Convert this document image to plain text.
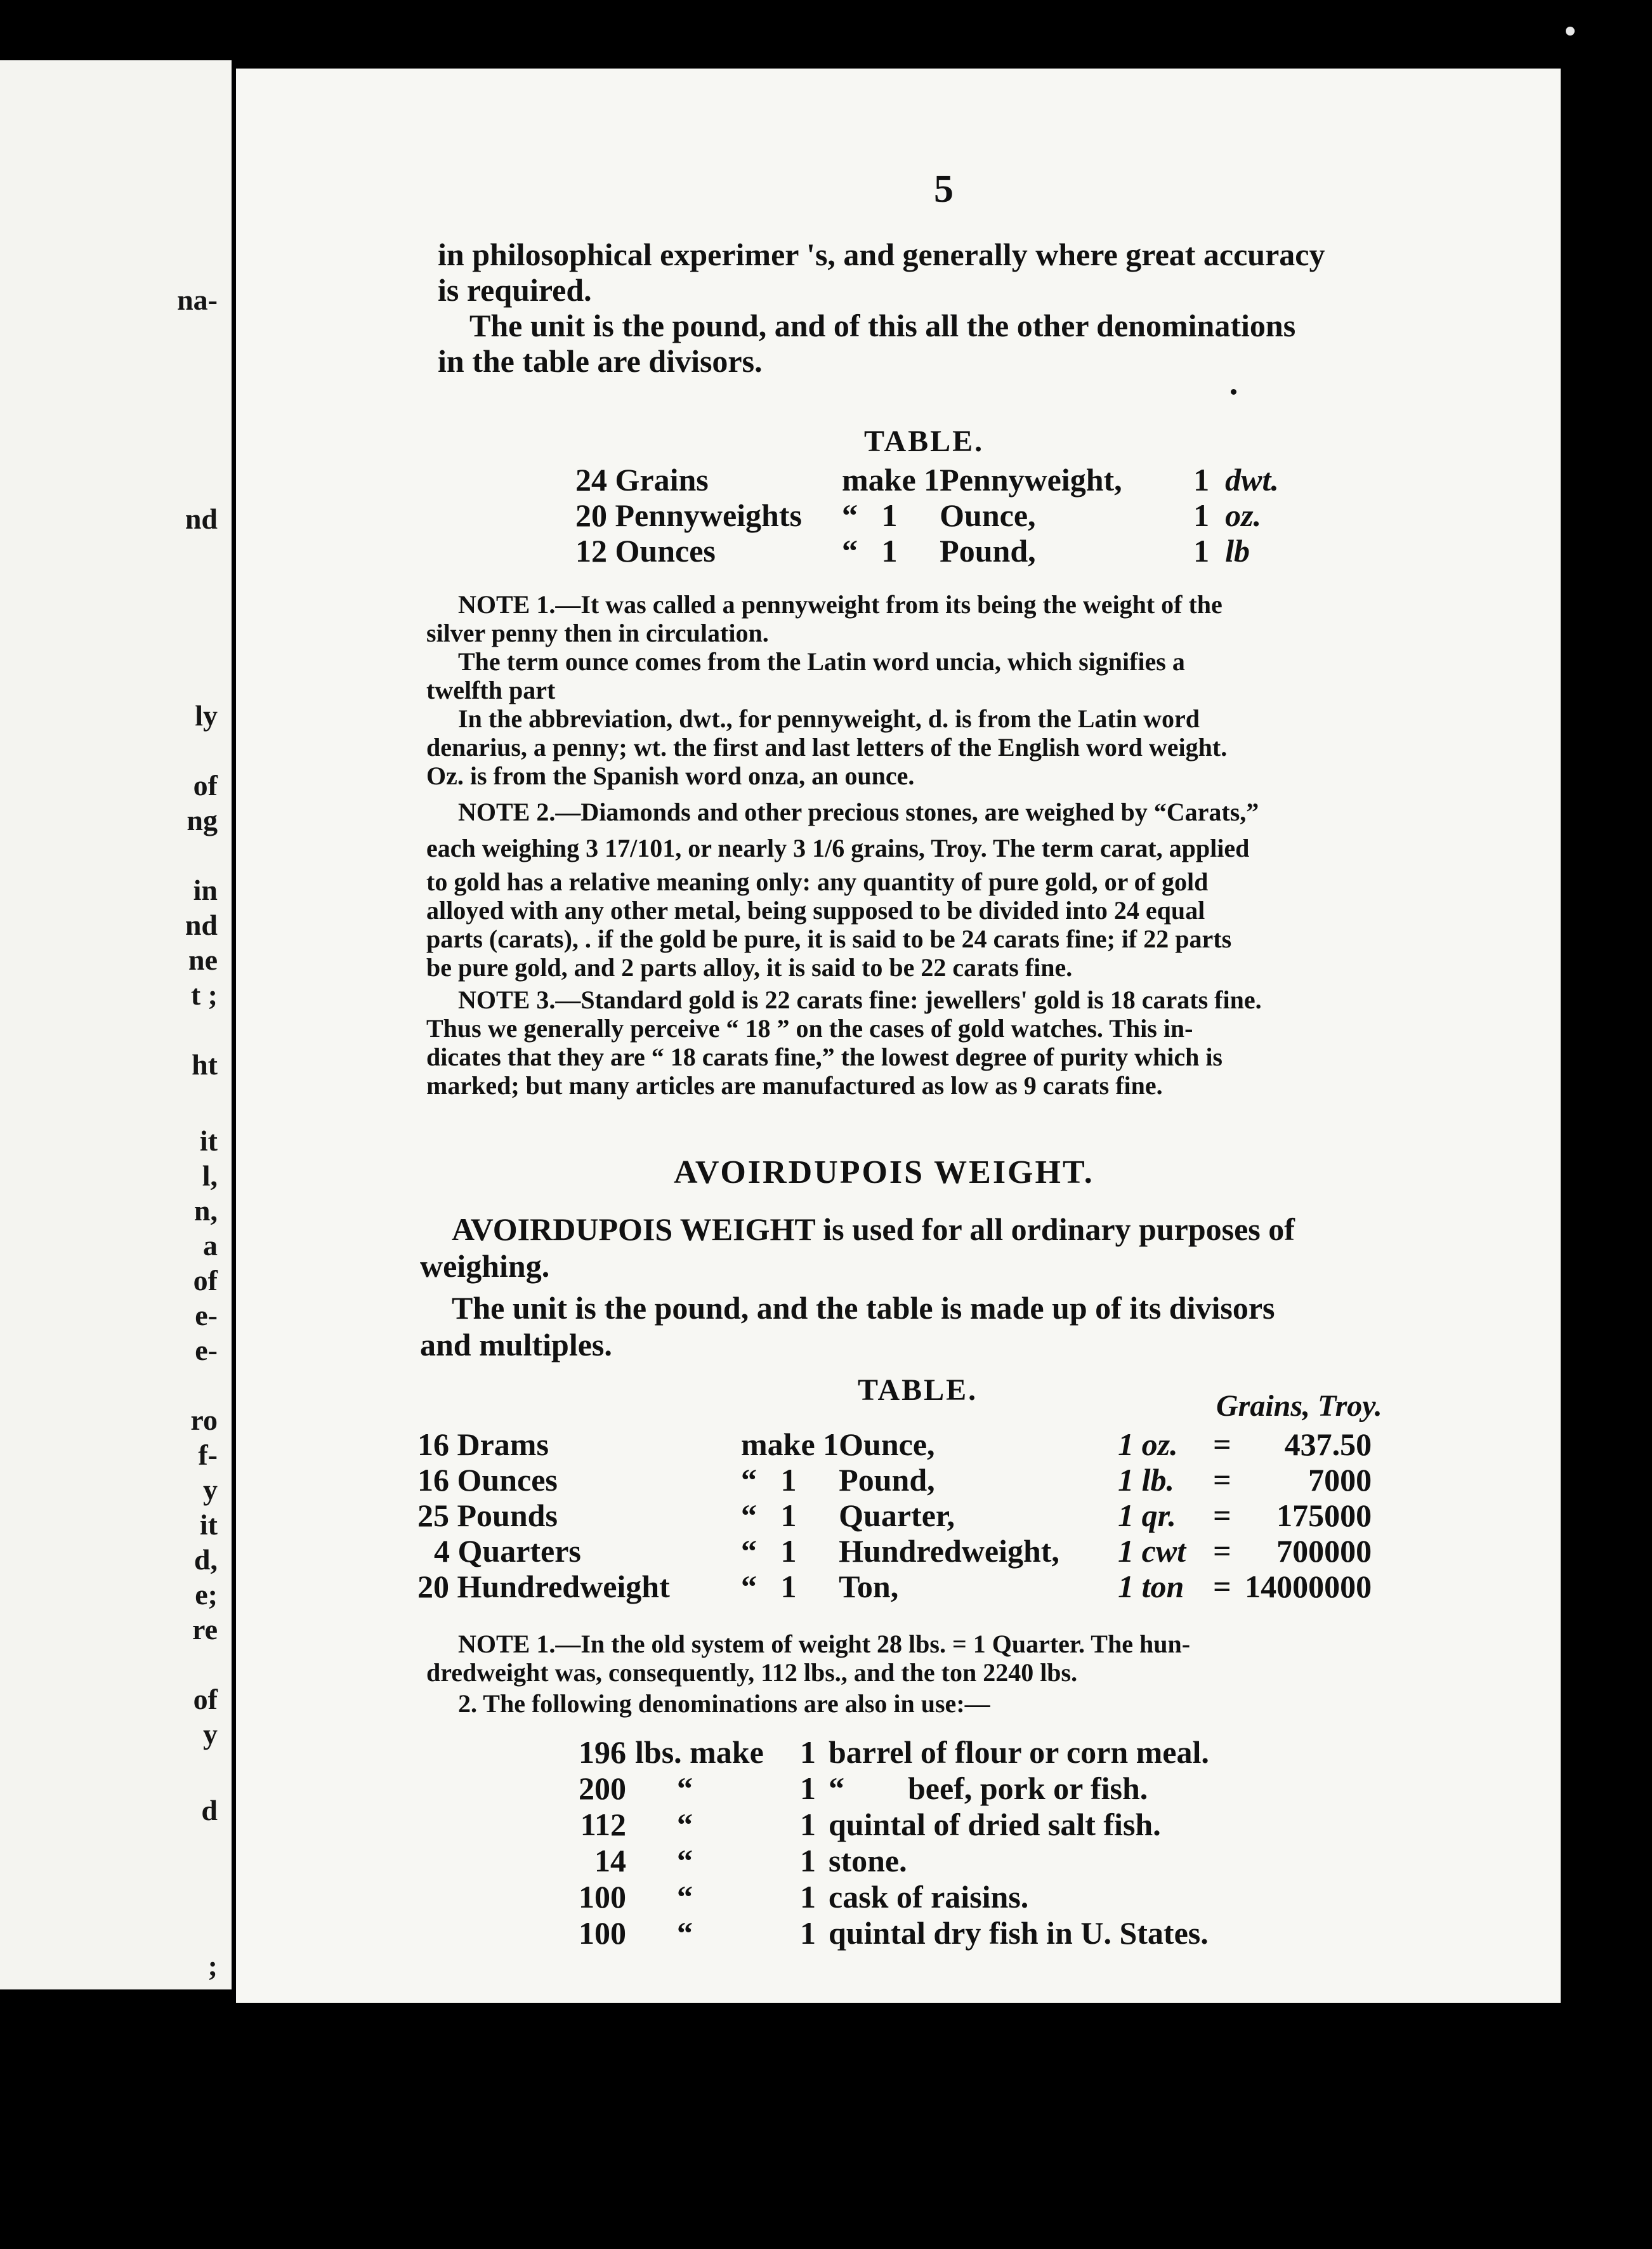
na-
nd
ly
of
ng
in
nd
ne
t ;
ht
it
l,
n,
a
of
e-
e-
ro
f-
y
it
d,
e;
re
of
y
d
;
5
in philosophical experimer 's, and generally where great accuracy
is required.
The unit is the pound, and of this all the other denominations
in the table are divisors.
TABLE.
24 Grains	make 1	Pennyweight,	1	dwt.
20 Pennyweights	“   1	Ounce,	1	oz.
12 Ounces	“   1	Pound,	1	lb
NOTE 1.—It was called a pennyweight from its being the weight of the
silver penny then in circulation.
The term ounce comes from the Latin word uncia, which signifies a
twelfth part
In the abbreviation, dwt., for pennyweight, d. is from the Latin word
denarius, a penny; wt. the first and last letters of the English word weight.
Oz. is from the Spanish word onza, an ounce.
NOTE 2.—Diamonds and other precious stones, are weighed by “Carats,”
each weighing 3 17/101, or nearly 3 1/6 grains, Troy. The term carat, applied
to gold has a relative meaning only: any quantity of pure gold, or of gold
alloyed with any other metal, being supposed to be divided into 24 equal
parts (carats), . if the gold be pure, it is said to be 24 carats fine; if 22 parts
be pure gold, and 2 parts alloy, it is said to be 22 carats fine.
NOTE 3.—Standard gold is 22 carats fine: jewellers' gold is 18 carats fine.
Thus we generally perceive “ 18 ” on the cases of gold watches. This in-
dicates that they are “ 18 carats fine,” the lowest degree of purity which is
marked; but many articles are manufactured as low as 9 carats fine.
AVOIRDUPOIS WEIGHT.
AVOIRDUPOIS WEIGHT is used for all ordinary purposes of
weighing.
The unit is the pound, and the table is made up of its divisors
and multiples.
TABLE.	Grains, Troy.
16 Drams	make 1	Ounce,	1 oz.	=	437.50
16 Ounces	“   1	Pound,	1 lb.	=	7000
25 Pounds	“   1	Quarter,	1 qr.	=	175000
4 Quarters	“   1	Hundredweight,	1 cwt	=	700000
20 Hundredweight	“   1	Ton,	1 ton	=	14000000
NOTE 1.—In the old system of weight 28 lbs. = 1 Quarter. The hun-
dredweight was, consequently, 112 lbs., and the ton 2240 lbs.
2. The following denominations are also in use:—
196	lbs. make	1	barrel of flour or corn meal.
200	“	1	“        beef, pork or fish.
112	“	1	quintal of dried salt fish.
14	“	1	stone.
100	“	1	cask of raisins.
100	“	1	quintal dry fish in U. States.
